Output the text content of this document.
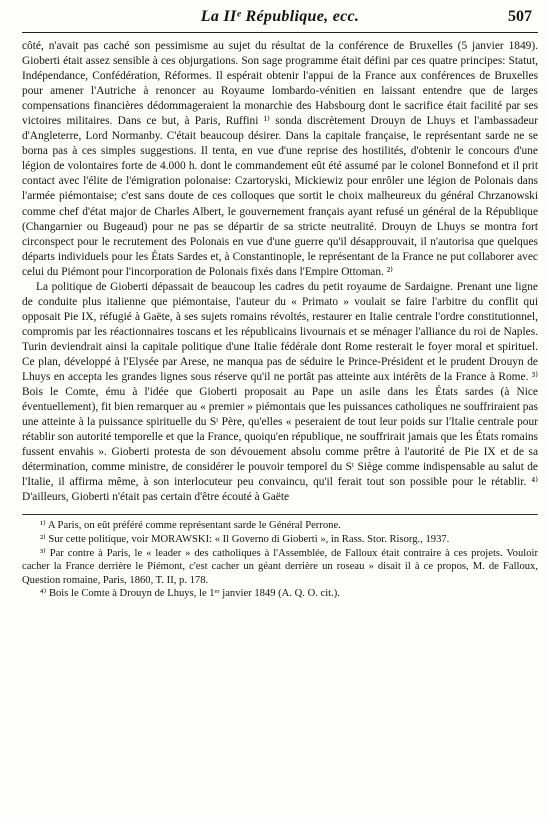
La IIᵉ République, ecc.	507

côté, n'avait pas caché son pessimisme au sujet du résultat de la conférence de Bruxelles (5 janvier 1849). Gioberti était assez sensible à ces objurgations. Son sage programme était défini par ces quatre principes: Statut, Indépendance, Confédération, Réformes. Il espérait obtenir l'appui de la France aux conférences de Bruxelles pour amener l'Autriche à renoncer au Royaume lombardo-vénitien en laissant entendre que de larges compensations financières dédommageraient la monarchie des Habsbourg dont le sacrifice était facilité par ses victoires militaires. Dans ce but, à Paris, Ruffini ¹⁾ sonda discrètement Drouyn de Lhuys et l'ambassadeur d'Angleterre, Lord Normanby. C'était beaucoup désirer. Dans la capitale française, le représentant sarde ne se borna pas à ces simples suggestions. Il tenta, en vue d'une reprise des hostilités, d'obtenir le concours d'une légion de volontaires forte de 4.000 h. dont le commandement eût été assumé par le colonel Bonnefond et il prit contact avec l'élite de l'émigration polonaise: Czartoryski, Mickiewiz pour enrôler une légion de Polonais dans l'armée piémontaise; c'est sans doute de ces colloques que sortit le choix malheureux du général Chrzanowski comme chef d'état major de Charles Albert, le gouvernement français ayant refusé un général de la République (Changarnier ou Bugeaud) pour ne pas se départir de sa stricte neutralité. Drouyn de Lhuys se montra fort circonspect pour le recrutement des Polonais en vue d'une guerre qu'il désapprouvait, il n'autorisa que quelques départs individuels pour les États Sardes et, à Constantinople, le représentant de la France ne put collaborer avec celui du Piémont pour l'incorporation de Polonais fixés dans l'Empire Ottoman. ²⁾

La politique de Gioberti dépassait de beaucoup les cadres du petit royaume de Sardaigne. Prenant une ligne de conduite plus italienne que piémontaise, l'auteur du « Primato » voulait se faire l'arbitre du conflit qui opposait Pie IX, réfugié à Gaëte, à ses sujets romains révoltés, restaurer en Italie centrale l'ordre constitutionnel, compromis par les réactionnaires toscans et les républicains livournais et se ménager l'alliance du roi de Naples. Turin deviendrait ainsi la capitale politique d'une Italie fédérale dont Rome resterait le foyer moral et spirituel. Ce plan, développé à l'Elysée par Arese, ne manqua pas de séduire le Prince-Président et le prudent Drouyn de Lhuys en accepta les grandes lignes sous réserve qu'il ne portât pas atteinte aux intérêts de la France à Rome. ³⁾ Bois le Comte, ému à l'idée que Gioberti proposait au Pape un asile dans les États sardes (à Nice éventuellement), fit bien remarquer au « premier » piémontais que les puissances catholiques ne souffriraient pas une atteinte à la puissance spirituelle du Sᵗ Père, qu'elles « peseraient de tout leur poids sur l'Italie centrale pour rétablir son autorité temporelle et que la France, quoiqu'en république, ne souffrirait jamais que les États romains fussent envahis ». Gioberti protesta de son dévouement absolu comme prêtre à l'autorité de Pie IX et de sa détermination, comme ministre, de considérer le pouvoir temporel du Sᵗ Siège comme indispensable au salut de l'Italie, il affirma même, à son interlocuteur peu convaincu, qu'il ferait tout son possible pour le rétablir. ⁴⁾ D'ailleurs, Gioberti n'était pas certain d'être écouté à Gaëte

¹⁾ A Paris, on eût préféré comme représentant sarde le Général Perrone.

²⁾ Sur cette politique, voir MORAWSKI: « Il Governo di Gioberti », in Rass. Stor. Risorg., 1937.

³⁾ Par contre à Paris, le « leader » des catholiques à l'Assemblée, de Falloux était contraire à ces projets. Vouloir cacher la France derrière le Piémont, c'est cacher un géant derrière un roseau » disait il à ce propos, M. de Falloux, Question romaine, Paris, 1860, T. II, p. 178.

⁴⁾ Bois le Comte à Drouyn de Lhuys, le 1ᵉʳ janvier 1849 (A. Q. O. cit.).
